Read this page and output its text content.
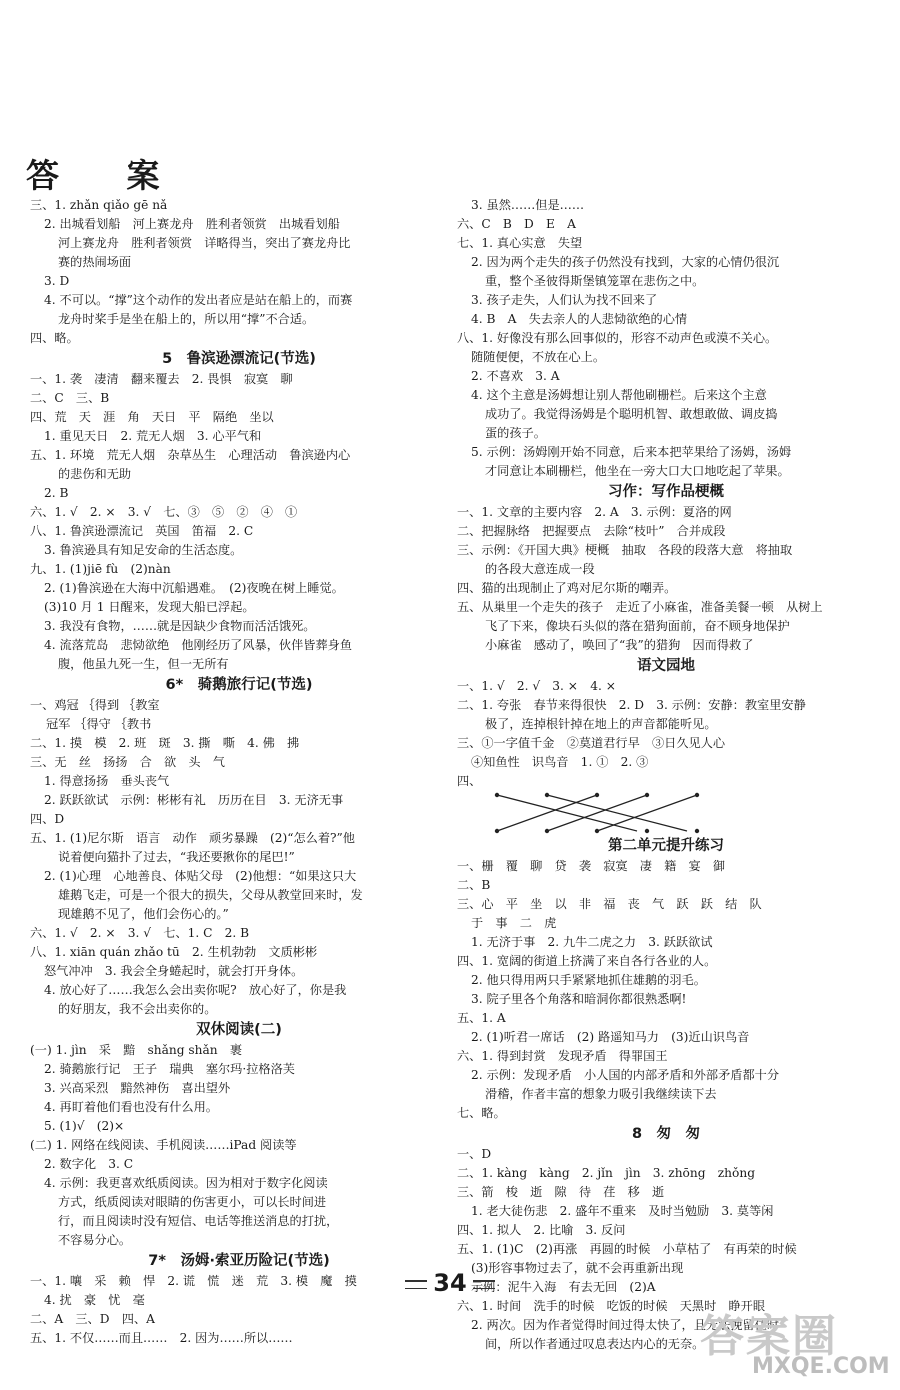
答 案
三、1. zhǎn qiǎo gē nǎ
2. 出城看划船　河上赛龙舟　胜利者领赏　出城看划船
河上赛龙舟　胜利者领赏　详略得当，突出了赛龙舟比
赛的热闹场面
3. D
4. 不可以。“撑”这个动作的发出者应是站在船上的，而赛
龙舟时桨手是坐在船上的，所以用“撑”不合适。
四、略。
5　鲁滨逊漂流记(节选)
一、1. 袭　凄清　翻来覆去　2. 畏惧　寂寞　聊
二、C　三、B
四、荒　天　涯　角　天日　平　隔绝　坐以
1. 重见天日　2. 荒无人烟　3. 心平气和
五、1. 环境　荒无人烟　杂草丛生　心理活动　鲁滨逊内心
的悲伤和无助
2. B
六、1. √　2. ×　3. √　七、③　⑤　②　④　①
八、1. 鲁滨逊漂流记　英国　笛福　2. C
3. 鲁滨逊具有知足安命的生活态度。
九、1. (1)jiē fù　(2)nàn
2. (1)鲁滨逊在大海中沉船遇难。　(2)夜晚在树上睡觉。
(3)10 月 1 日醒来，发现大船已浮起。
3. 我没有食物，……就是因缺少食物而活活饿死。
4. 流落荒岛　悲恸欲绝　他刚经历了风暴，伙伴皆葬身鱼
腹，他虽九死一生，但一无所有
6*　骑鹅旅行记(节选)
一、鸡冠 ｛得到 ｛教室
　 冠军 ｛得守 ｛教书
二、1. 摸　模　2. 班　斑　3. 撕　嘶　4. 佛　拂
三、无　丝　扬扬　合　欲　头　气
1. 得意扬扬　垂头丧气
2. 跃跃欲试　示例：彬彬有礼　历历在目　3. 无济无事
四、D
五、1. (1)尼尔斯　语言　动作　顽劣暴躁　(2)“怎么着?”他
说着便向猫扑了过去，“我还要揪你的尾巴!”
2. (1)心理　心地善良、体贴父母　(2)他想：“如果这只大
雄鹅飞走，可是一个很大的损失，父母从教堂回来时，发
现雄鹅不见了，他们会伤心的。”
六、1. √　2. ×　3. √　七、1. C　2. B
八、1. xiān quán zhǎo tū　2. 生机勃勃　文质彬彬
怒气冲冲　3. 我会全身蜷起时，就会打开身体。
4. 放心好了……我怎么会出卖你呢?　放心好了，你是我
的好朋友，我不会出卖你的。
双休阅读(二)
(一) 1. jìn　采　黯　shǎng shǎn　裹
2. 骑鹅旅行记　王子　瑞典　塞尔玛·拉格洛芙
3. 兴高采烈　黯然神伤　喜出望外
4. 再盯着他们看也没有什么用。
5. (1)√　(2)×
(二) 1. 网络在线阅读、手机阅读……iPad 阅读等
2. 数字化　3. C
4. 示例：我更喜欢纸质阅读。因为相对于数字化阅读
方式，纸质阅读对眼睛的伤害更小，可以长时间进
行，而且阅读时没有短信、电话等推送消息的打扰，
不容易分心。
7*　汤姆·索亚历险记(节选)
一、1. 嚷　采　赖　悍　2. 谎　慌　迷　荒　3. 模　魔　摸
4. 扰　豪　忧　毫
二、A　三、D　四、A
五、1. 不仅……而且……　2. 因为……所以……
3. 虽然……但是……
六、C　B　D　E　A
七、1. 真心实意　失望
2. 因为两个走失的孩子仍然没有找到，大家的心情仍很沉
重，整个圣彼得斯堡镇笼罩在悲伤之中。
3. 孩子走失，人们认为找不回来了
4. B　A　失去亲人的人悲恸欲绝的心情
八、1. 好像没有那么回事似的，形容不动声色或漠不关心。
随随便便，不放在心上。
2. 不喜欢　3. A
4. 这个主意是汤姆想让别人帮他刷栅栏。后来这个主意
成功了。我觉得汤姆是个聪明机智、敢想敢做、调皮捣
蛋的孩子。
5. 示例：汤姆刚开始不同意，后来本把苹果给了汤姆，汤姆
才同意让本刷栅栏，他坐在一旁大口大口地吃起了苹果。
习作：写作品梗概
一、1. 文章的主要内容　2. A　3. 示例：夏洛的网
二、把握脉络　把握要点　去除“枝叶”　合并成段
三、示例：《开国大典》梗概　抽取　各段的段落大意　将抽取
的各段大意连成一段
四、猫的出现制止了鸡对尼尔斯的嘲弄。
五、从巢里一个走失的孩子　走近了小麻雀，准备美餐一顿　从树上
飞了下来，像块石头似的落在猎狗面前，奋不顾身地保护
小麻雀　感动了，唤回了“我”的猎狗　因而得救了
语文园地
一、1. √　2. √　3. ×　4. ×
二、1. 夸张　春节来得很快　2. D　3. 示例：安静：教室里安静
极了，连掉根针掉在地上的声音都能听见。
三、①一字值千金　②莫道君行早　③日久见人心
④知鱼性　识鸟音　1. ①　2. ③
四、
第二单元提升练习
一、栅　覆　聊　贷　袭　寂寞　凄　籍　宴　御
二、B
三、心　平　坐　以　非　福　丧　气　跃　跃　结　队
于　事　二　虎
1. 无济于事　2. 九牛二虎之力　3. 跃跃欲试
四、1. 宽阔的街道上挤满了来自各行各业的人。
2. 他只得用两只手紧紧地抓住雄鹅的羽毛。
3. 院子里各个角落和暗洞你都很熟悉啊!
五、1. A
2. (1)听君一席话　(2) 路遥知马力　(3)近山识鸟音
六、1. 得到封赏　发现矛盾　得罪国王
2. 示例：发现矛盾　小人国的内部矛盾和外部矛盾都十分
滑稽，作者丰富的想象力吸引我继续读下去
七、略。
8　匆　匆
一、D
二、1. kàng　kàng　2. jǐn　jìn　3. zhōng　zhǒng
三、箭　梭　逝　隙　待　荏　移　逝
1. 老大徒伤悲　2. 盛年不重来　及时当勉励　3. 莫等闲
四、1. 拟人　2. 比喻　3. 反问
五、1. (1)C　(2)再涨　再圆的时候　小草枯了　有再荣的时候
(3)形容事物过去了，就不会再重新出现
示例：泥牛入海　有去无回　(2)A
六、1. 时间　洗手的时候　吃饭的时候　天黑时　睁开眼
2. 两次。因为作者觉得时间过得太快了，且无法挽留住时
间，所以作者通过叹息表达内心的无奈。
34
答案圈
MXQE.COM
